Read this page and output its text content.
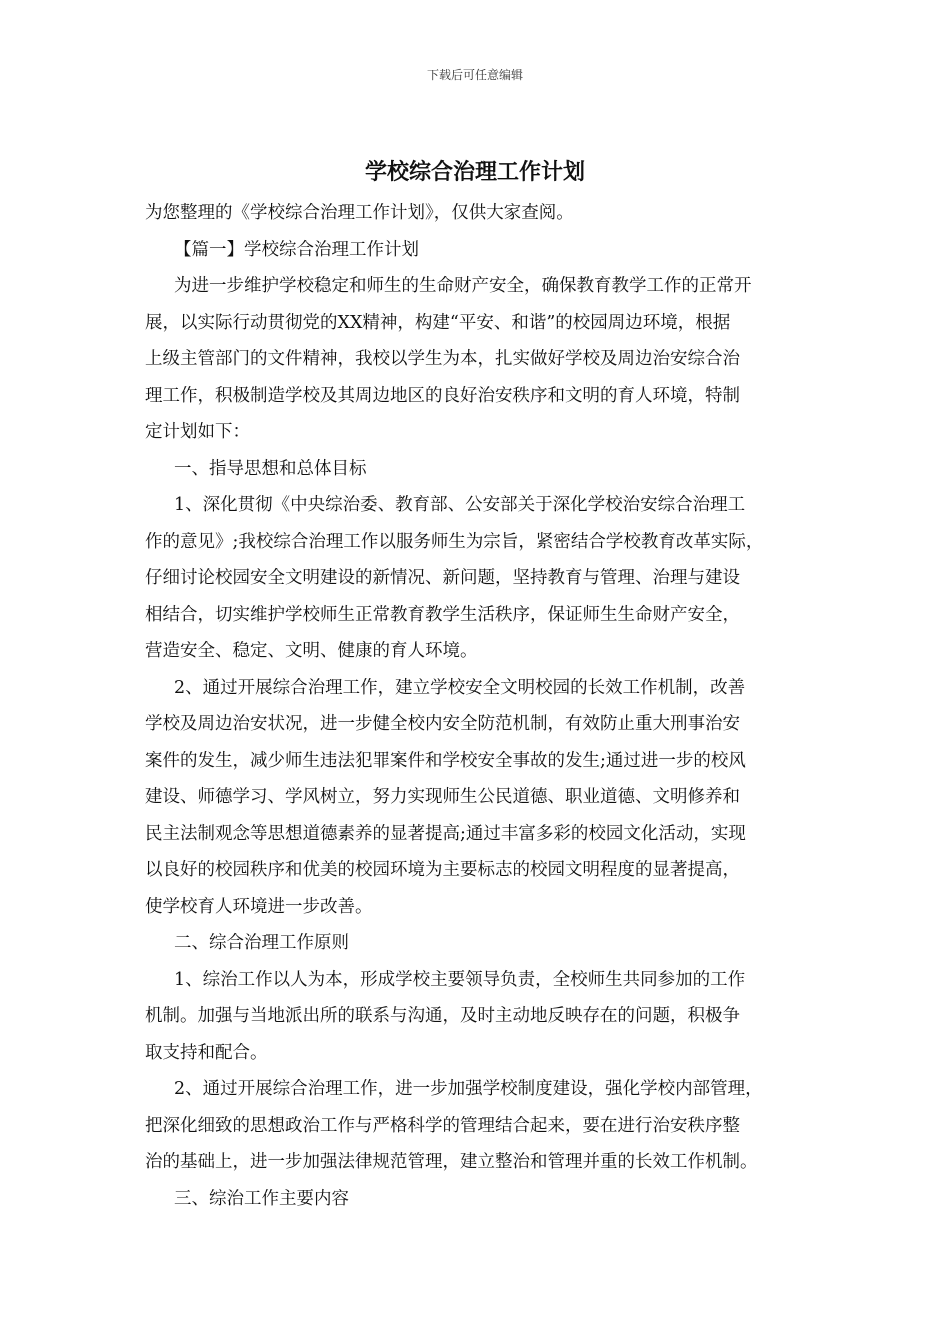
下载后可任意编辑
学校综合治理工作计划

为您整理的《学校综合治理工作计划》，仅供大家查阅。

【篇一】学校综合治理工作计划

为进一步维护学校稳定和师生的生命财产安全，确保教育教学工作的正常开

展，以实际行动贯彻党的XX精神，构建“平安、和谐”的校园周边环境，根据

上级主管部门的文件精神，我校以学生为本，扎实做好学校及周边治安综合治

理工作，积极制造学校及其周边地区的良好治安秩序和文明的育人环境，特制

定计划如下：

一、指导思想和总体目标

1、深化贯彻《中央综治委、教育部、公安部关于深化学校治安综合治理工

作的意见》;我校综合治理工作以服务师生为宗旨，紧密结合学校教育改革实际，

仔细讨论校园安全文明建设的新情况、新问题，坚持教育与管理、治理与建设

相结合，切实维护学校师生正常教育教学生活秩序，保证师生生命财产安全，

营造安全、稳定、文明、健康的育人环境。

2、通过开展综合治理工作，建立学校安全文明校园的长效工作机制，改善

学校及周边治安状况，进一步健全校内安全防范机制，有效防止重大刑事治安

案件的发生，减少师生违法犯罪案件和学校安全事故的发生;通过进一步的校风

建设、师德学习、学风树立，努力实现师生公民道德、职业道德、文明修养和

民主法制观念等思想道德素养的显著提高;通过丰富多彩的校园文化活动，实现

以良好的校园秩序和优美的校园环境为主要标志的校园文明程度的显著提高，

使学校育人环境进一步改善。

二、综合治理工作原则

1、综治工作以人为本，形成学校主要领导负责，全校师生共同参加的工作

机制。加强与当地派出所的联系与沟通，及时主动地反映存在的问题，积极争

取支持和配合。

2、通过开展综合治理工作，进一步加强学校制度建设，强化学校内部管理，

把深化细致的思想政治工作与严格科学的管理结合起来，要在进行治安秩序整

治的基础上，进一步加强法律规范管理，建立整治和管理并重的长效工作机制。

三、综治工作主要内容
